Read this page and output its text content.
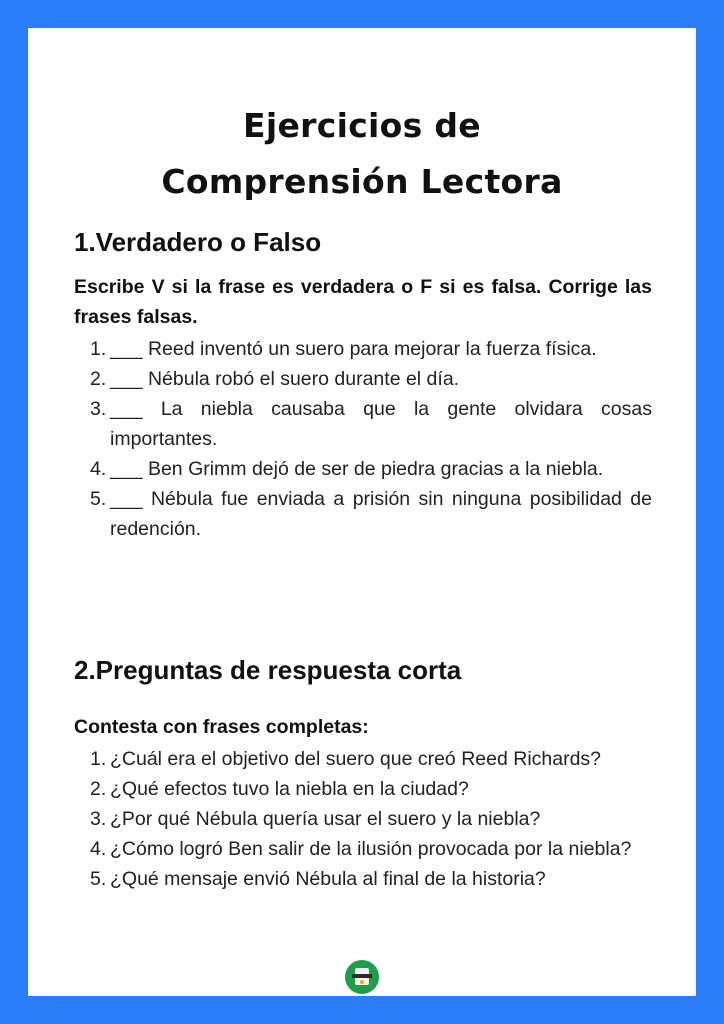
Ejercicios de
Comprensión Lectora
1.Verdadero o Falso

Escribe V si la frase es verdadera o F si es falsa. Corrige las frases falsas.

1. ___ Reed inventó un suero para mejorar la fuerza física.
2. ___ Nébula robó el suero durante el día.
3. ___ La niebla causaba que la gente olvidara cosas importantes.
4. ___ Ben Grimm dejó de ser de piedra gracias a la niebla.
5. ___ Nébula fue enviada a prisión sin ninguna posibilidad de redención.
2.Preguntas de respuesta corta

Contesta con frases completas:

1. ¿Cuál era el objetivo del suero que creó Reed Richards?
2. ¿Qué efectos tuvo la niebla en la ciudad?
3. ¿Por qué Nébula quería usar el suero y la niebla?
4. ¿Cómo logró Ben salir de la ilusión provocada por la niebla?
5. ¿Qué mensaje envió Nébula al final de la historia?
